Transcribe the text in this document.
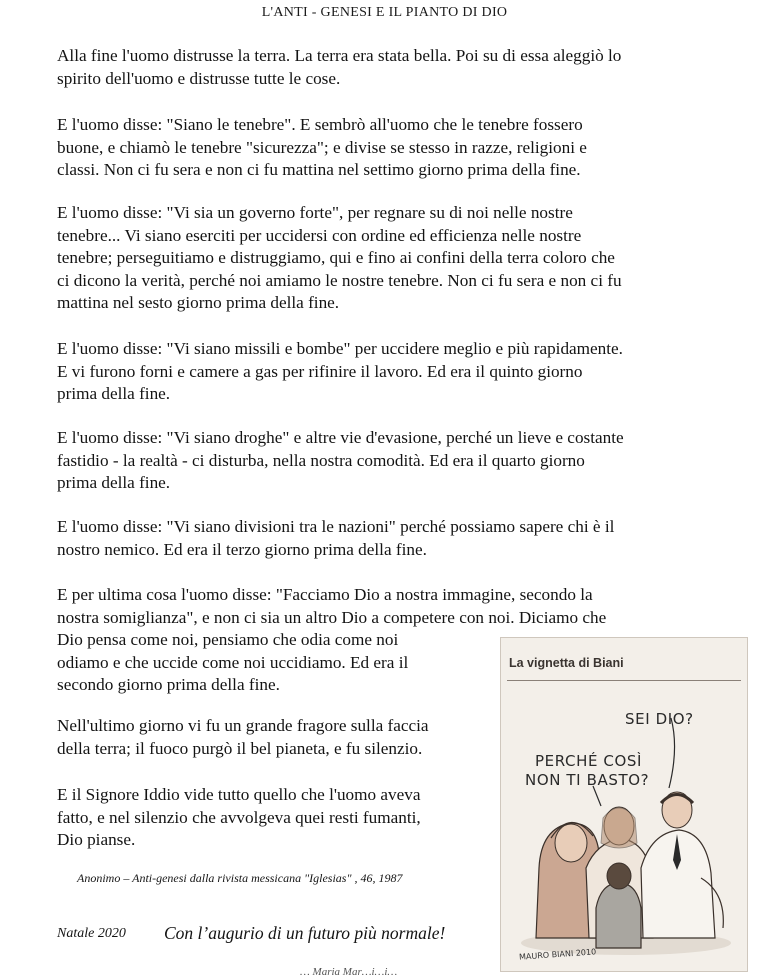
L'ANTI - GENESI E IL PIANTO DI DIO

Alla fine l'uomo distrusse la terra. La terra era stata bella. Poi su di essa aleggiò lo
spirito dell'uomo e distrusse tutte le cose.

E l'uomo disse: "Siano le tenebre". E sembrò all'uomo che le tenebre fossero
buone, e chiamò le tenebre "sicurezza"; e divise se stesso in razze, religioni e
classi. Non ci fu sera e non ci fu mattina nel settimo giorno prima della fine.

E l'uomo disse: "Vi sia un governo forte", per regnare su di noi nelle nostre
tenebre... Vi siano eserciti per uccidersi con ordine ed efficienza nelle nostre
tenebre; perseguitiamo e distruggiamo, qui e fino ai confini della terra coloro che
ci dicono la verità, perché noi amiamo le nostre tenebre. Non ci fu sera e non ci fu
mattina nel sesto giorno prima della fine.

E l'uomo disse: "Vi siano missili e bombe" per uccidere meglio e più rapidamente.
E vi furono forni e camere a gas per rifinire il lavoro. Ed era il quinto giorno
prima della fine.

E l'uomo disse: "Vi siano droghe" e altre vie d'evasione, perché un lieve e costante
fastidio - la realtà - ci disturba, nella nostra comodità. Ed era il quarto giorno
prima della fine.

E l'uomo disse: "Vi siano divisioni tra le nazioni" perché possiamo sapere chi è il
nostro nemico. Ed era il terzo giorno prima della fine.

E per ultima cosa l'uomo disse: "Facciamo Dio a nostra immagine, secondo la
nostra somiglianza", e non ci sia un altro Dio a competere con noi. Diciamo che
Dio pensa come noi, pensiamo che odia come noi
odiamo e che uccide come noi uccidiamo. Ed era il
secondo giorno prima della fine.

Nell'ultimo giorno vi fu un grande fragore sulla faccia
della terra; il fuoco purgò il bel pianeta, e fu silenzio.

E il Signore Iddio vide tutto quello che l'uomo aveva
fatto, e nel silenzio che avvolgeva quei resti fumanti,
Dio pianse.

Anonimo – Anti-genesi dalla rivista messicana "Iglesias" , 46, 1987
Natale 2020 Con l’augurio di un futuro più normale!
… Maria Mar…i…i…
La vignetta di Biani
SEI DIO?
PERCHÉ COSÌ
NON TI BASTO?
MAURO BIANI 2010
